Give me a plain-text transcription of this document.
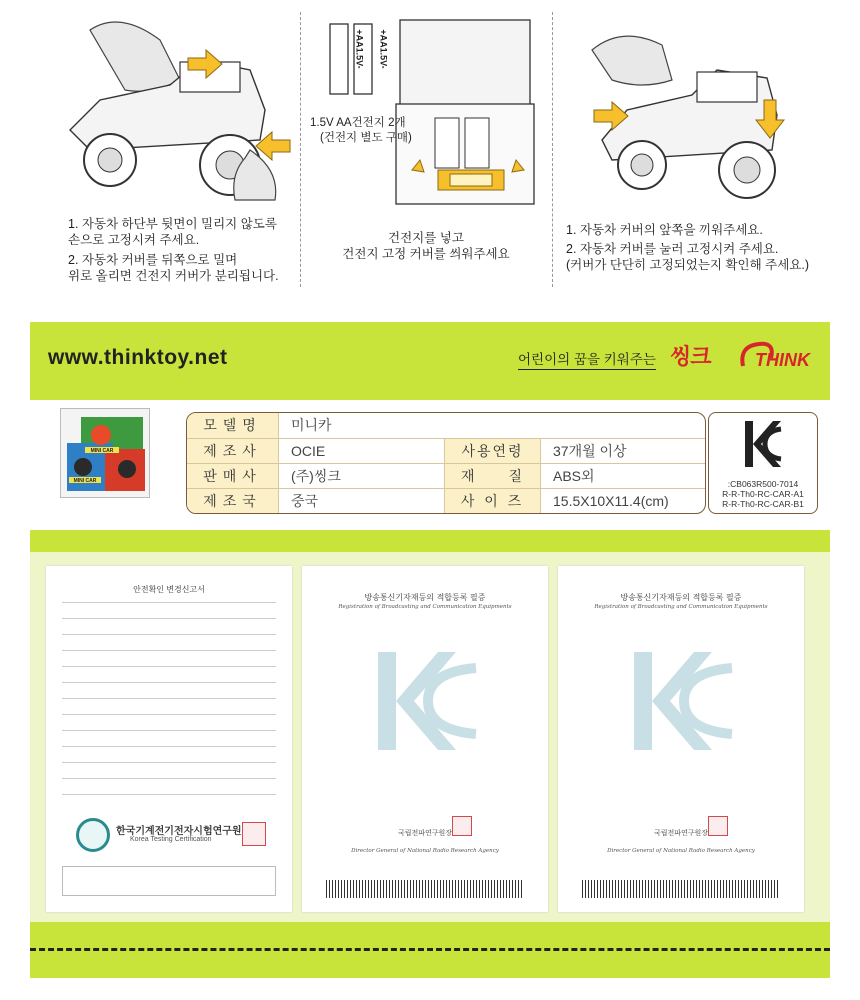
1. 자동차 하단부 뒷면이 밀리지 않도록
손으로 고정시켜 주세요.
2. 자동차 커버를 뒤쪽으로 밀며
위로 올리면 건전지 커버가 분리됩니다.
+AA1.5V- +AA1.5V-
1.5V AA건전지 2개
(건전지 별도 구매)
건전지를 넣고
건전지 고정 커버를 씌워주세요
1. 자동차 커버의 앞쪽을 끼워주세요.
2. 자동차 커버를 눌러 고정시켜 주세요.
(커버가 단단히 고정되었는지 확인해 주세요.)
www.thinktoy.net	어린이의 꿈을 키워주는 씽크 THINK
MINI CAR
MINI CAR
모델명	미니카
제조사	OCIE	사용연령	37개월 이상
판매사	(주)씽크	재　　질	ABS외
제조국	중국	사 이 즈	15.5X10X11.4(cm)
:CB063R500-7014
R-R-Th0-RC-CAR-A1
R-R-Th0-RC-CAR-B1
안전확인 변경신고서
한국기계전기전자시험연구원
Korea Testing Certification
방송통신기자재등의 적합등록 필증
Registration of Broadcasting and Communication Equipments
국립전파연구원장
Director General of National Radio Research Agency
방송통신기자재등의 적합등록 필증
Registration of Broadcasting and Communication Equipments
국립전파연구원장
Director General of National Radio Research Agency
